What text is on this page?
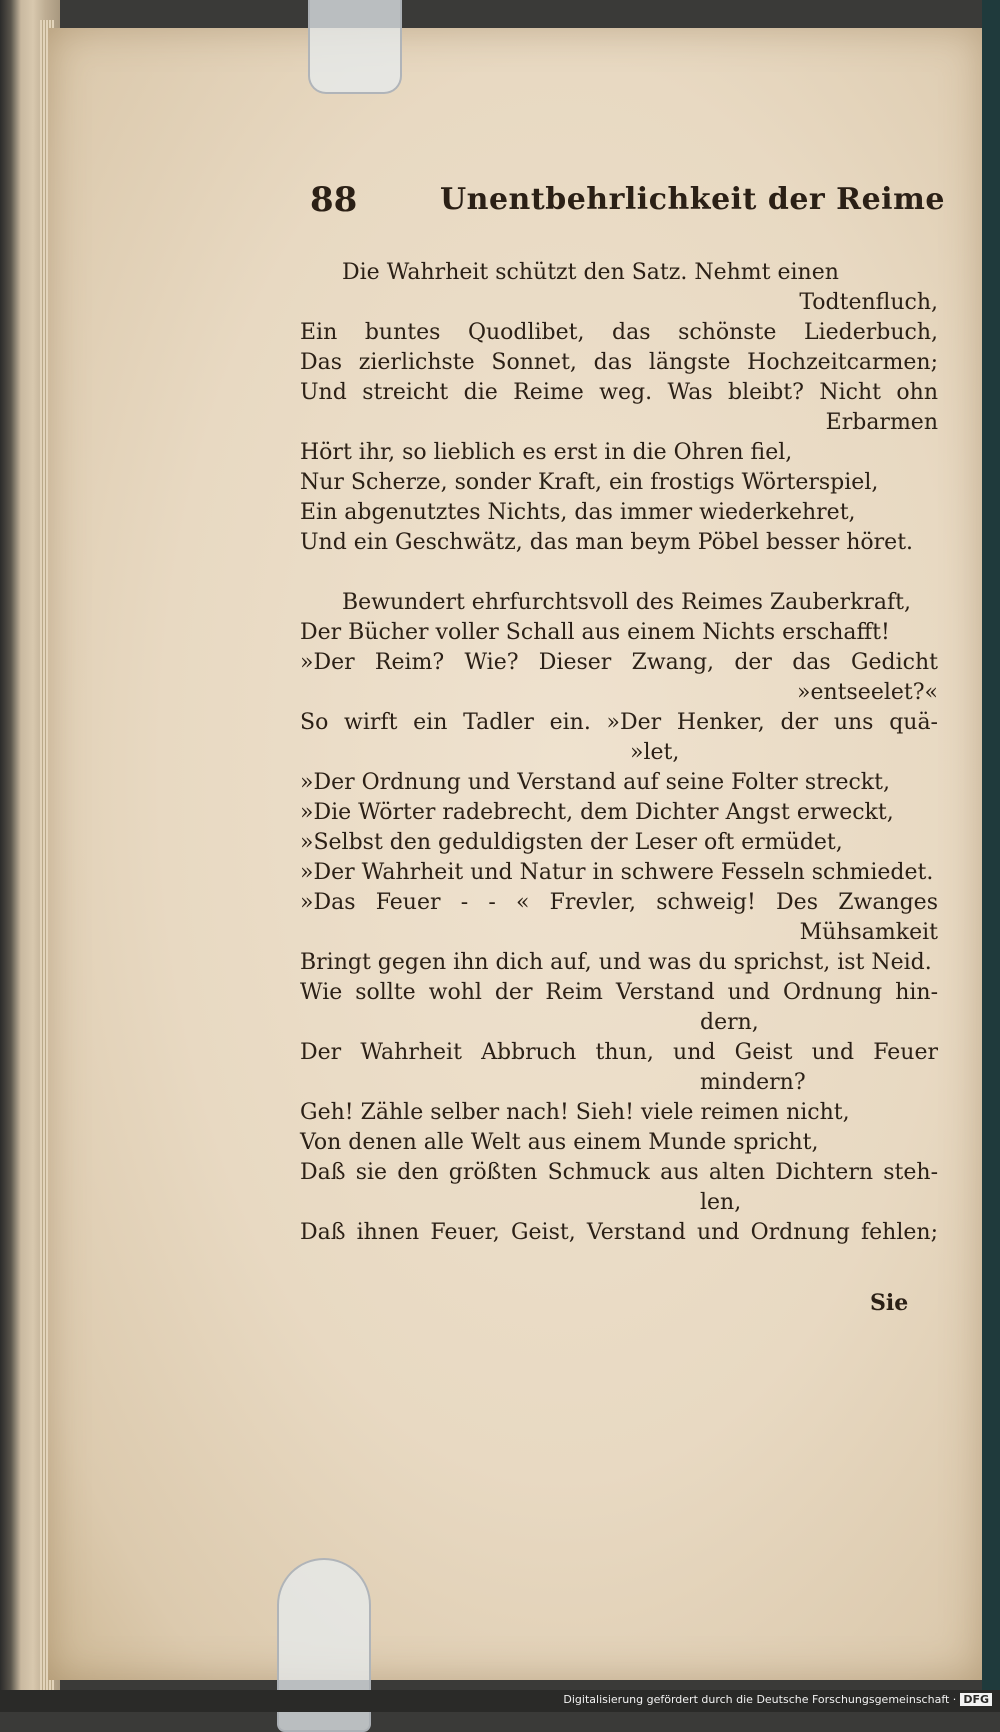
88	Unentbehrlichkeit der Reime
Die Wahrheit schützt den Satz. Nehmt einen
Todtenfluch,
Ein buntes Quodlibet, das schönste Liederbuch,
Das zierlichste Sonnet, das längste Hochzeitcarmen;
Und streicht die Reime weg. Was bleibt? Nicht ohn
Erbarmen
Hört ihr, so lieblich es erst in die Ohren fiel,
Nur Scherze, sonder Kraft, ein frostigs Wörterspiel,
Ein abgenutztes Nichts, das immer wiederkehret,
Und ein Geschwätz, das man beym Pöbel besser höret.
Bewundert ehrfurchtsvoll des Reimes Zauberkraft,
Der Bücher voller Schall aus einem Nichts erschafft!
»Der Reim? Wie? Dieser Zwang, der das Gedicht
»entseelet?«
So wirft ein Tadler ein. »Der Henker, der uns quä-
»let,
»Der Ordnung und Verstand auf seine Folter streckt,
»Die Wörter radebrecht, dem Dichter Angst erweckt,
»Selbst den geduldigsten der Leser oft ermüdet,
»Der Wahrheit und Natur in schwere Fesseln schmiedet.
»Das Feuer - - « Frevler, schweig! Des Zwanges
Mühsamkeit
Bringt gegen ihn dich auf, und was du sprichst, ist Neid.
Wie sollte wohl der Reim Verstand und Ordnung hin-
dern,
Der Wahrheit Abbruch thun, und Geist und Feuer
mindern?
Geh! Zähle selber nach! Sieh! viele reimen nicht,
Von denen alle Welt aus einem Munde spricht,
Daß sie den größten Schmuck aus alten Dichtern steh-
len,
Daß ihnen Feuer, Geist, Verstand und Ordnung fehlen;
Sie
Digitalisierung gefördert durch die Deutsche Forschungsgemeinschaft · DFG
